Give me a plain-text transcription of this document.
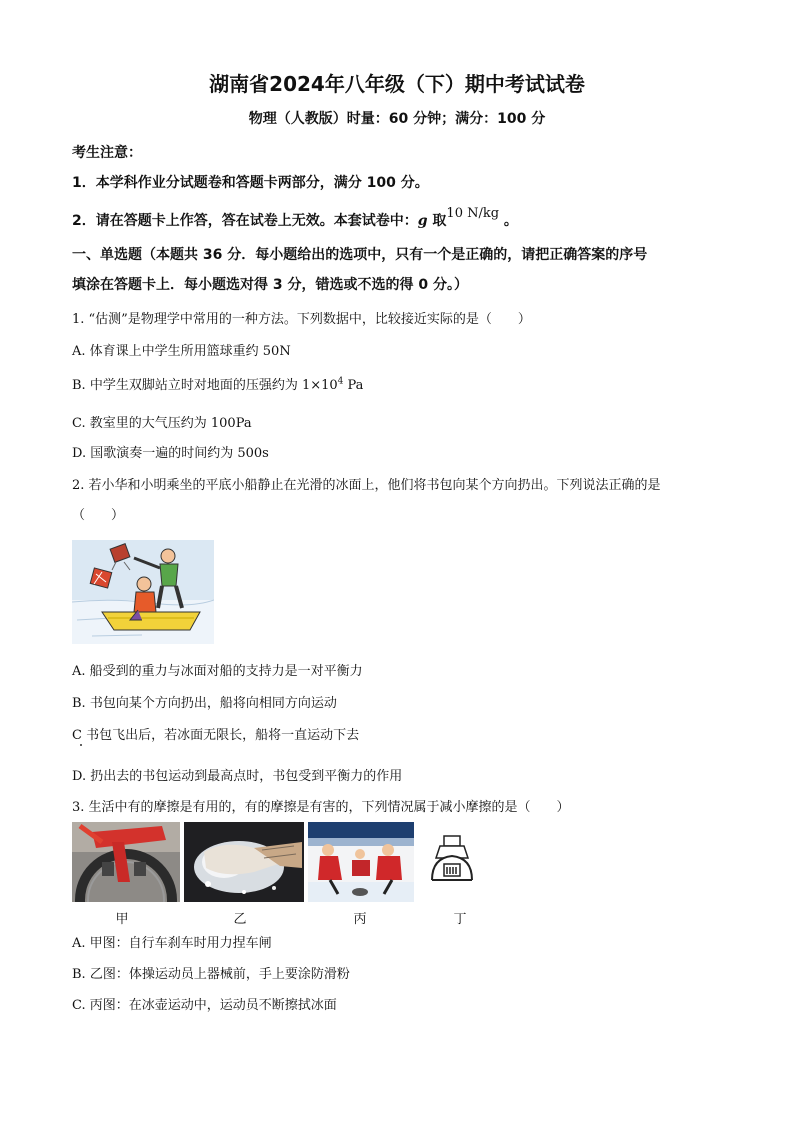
湖南省2024年八年级（下）期中考试试卷
物理（人教版）时量：60 分钟；满分：100 分
考生注意：
1．本学科作业分试题卷和答题卡两部分，满分 100 分。
2．请在答题卡上作答，答在试卷上无效。本套试卷中：g 取10 N/kg 。
一、单选题（本题共 36 分．每小题给出的选项中，只有一个是正确的，请把正确答案的序号
填涂在答题卡上．每小题选对得 3 分，错选或不选的得 0 分。）
1. “估测”是物理学中常用的一种方法。下列数据中，比较接近实际的是（　　）
A. 体育课上中学生所用篮球重约 50N
B. 中学生双脚站立时对地面的压强约为 $1\times 10^4$ Pa
C. 教室里的大气压约为 100Pa
D. 国歌演奏一遍的时间约为 500s
2. 若小华和小明乘坐的平底小船静止在光滑的冰面上，他们将书包向某个方向扔出。下列说法正确的是
（　　）
A. 船受到的重力与冰面对船的支持力是一对平衡力
B. 书包向某个方向扔出，船将向相同方向运动
C 书包飞出后，若冰面无限长，船将一直运动下去
D. 扔出去的书包运动到最高点时，书包受到平衡力的作用
3. 生活中有的摩擦是有用的，有的摩擦是有害的，下列情况属于减小摩擦的是（　　）
甲	乙	丙	丁
A. 甲图：自行车刹车时用力捏车闸
B. 乙图：体操运动员上器械前，手上要涂防滑粉
C. 丙图：在冰壶运动中，运动员不断擦拭冰面
